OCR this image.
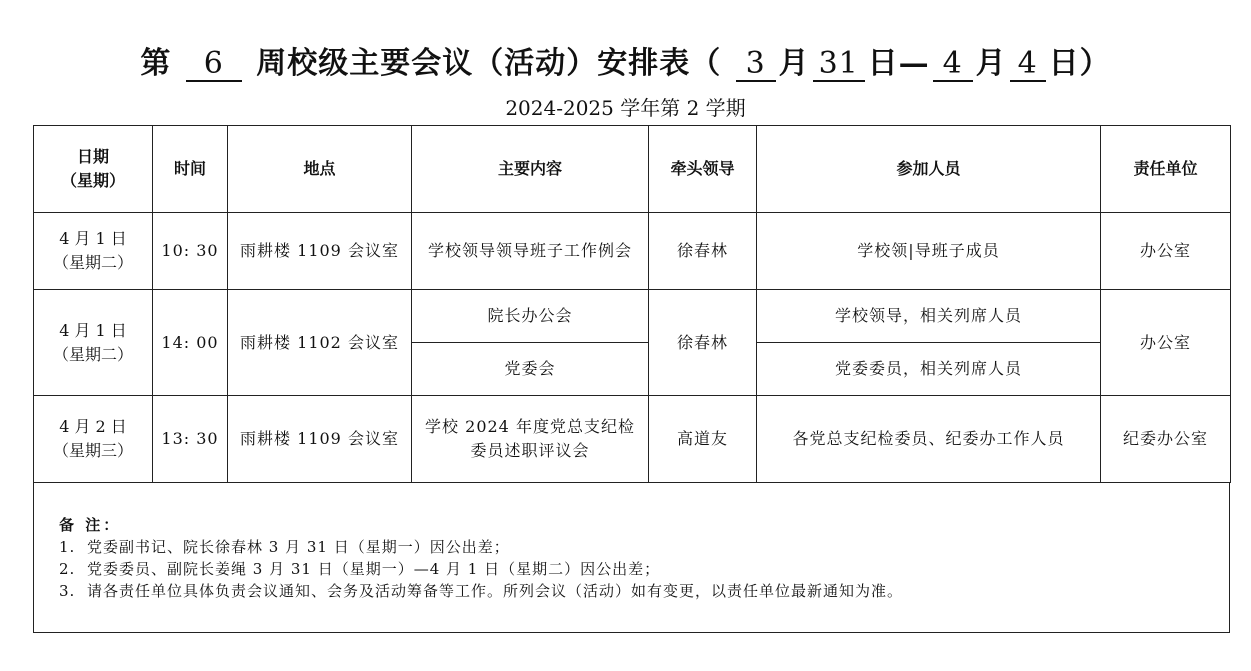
第 6 周校级主要会议（活动）安排表（ 3 月 31 日— 4 月 4 日）
2024-2025 学年第 2 学期
日期
（星期）	时间	地点	主要内容	牵头领导	参加人员	责任单位

4 月 1 日
（星期二）	10: 30	雨耕楼 1109 会议室	学校领导领导班子工作例会	徐春林	学校领|导班子成员	办公室

4 月 1 日
（星期二）	14: 00	雨耕楼 1102 会议室	院长办公会	徐春林	学校领导，相关列席人员	办公室
			党委会		党委委员，相关列席人员	

4 月 2 日
（星期三）	13: 30	雨耕楼 1109 会议室	学校 2024 年度党总支纪检
委员述职评议会	高道友	各党总支纪检委员、纪委办工作人员	纪委办公室
备 注：
1. 党委副书记、院长徐春林 3 月 31 日（星期一）因公出差；
2. 党委委员、副院长姜绳 3 月 31 日（星期一）—4 月 1 日（星期二）因公出差；
3. 请各责任单位具体负责会议通知、会务及活动筹备等工作。所列会议（活动）如有变更，以责任单位最新通知为准。
